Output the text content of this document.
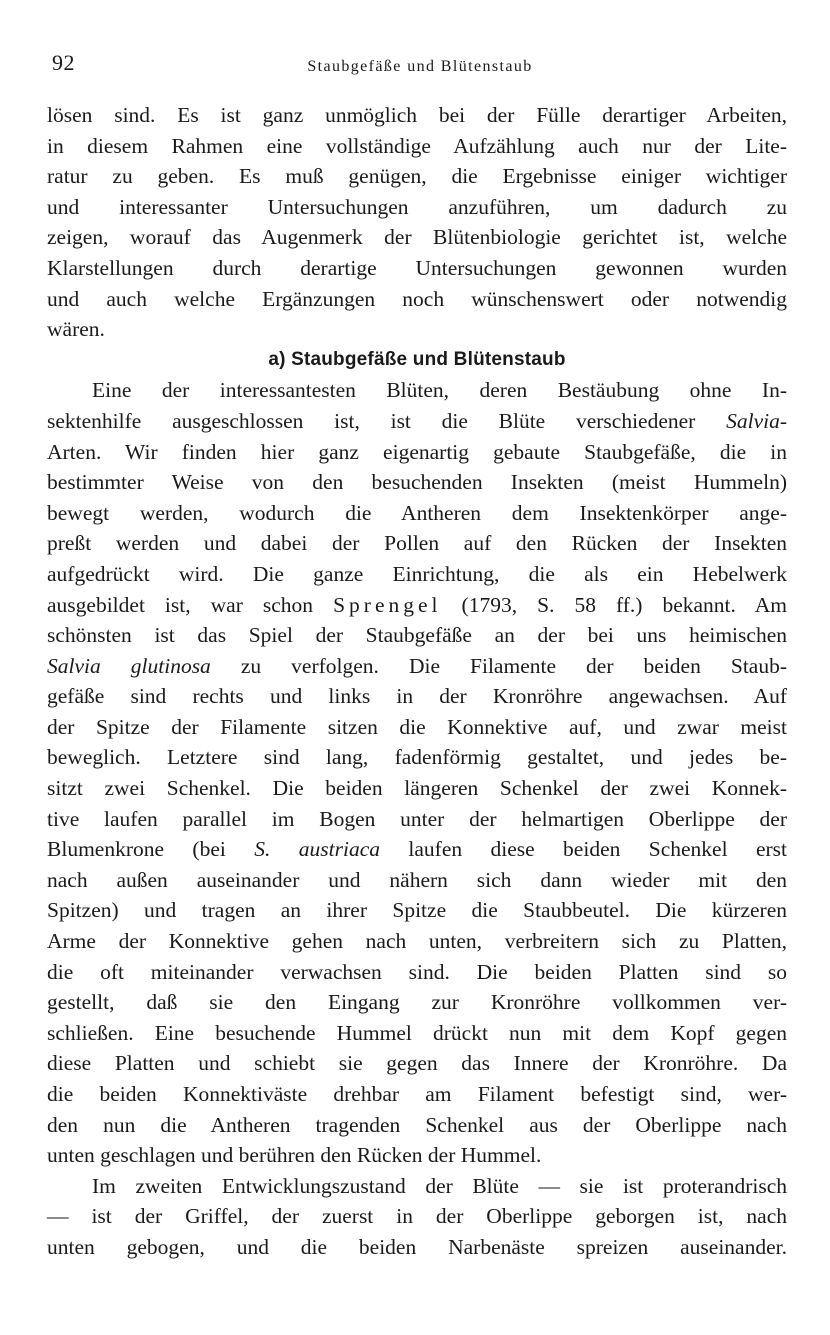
92	Staubgefäße und Blütenstaub
lösen sind. Es ist ganz unmöglich bei der Fülle derartiger Arbeiten,
in diesem Rahmen eine vollständige Aufzählung auch nur der Lite-
ratur zu geben. Es muß genügen, die Ergebnisse einiger wichtiger
und interessanter Untersuchungen anzuführen, um dadurch zu
zeigen, worauf das Augenmerk der Blütenbiologie gerichtet ist, welche
Klarstellungen durch derartige Untersuchungen gewonnen wurden
und auch welche Ergänzungen noch wünschenswert oder notwendig
wären.
a) Staubgefäße und Blütenstaub
Eine der interessantesten Blüten, deren Bestäubung ohne In-
sektenhilfe ausgeschlossen ist, ist die Blüte verschiedener Salvia-
Arten. Wir finden hier ganz eigenartig gebaute Staubgefäße, die in
bestimmter Weise von den besuchenden Insekten (meist Hummeln)
bewegt werden, wodurch die Antheren dem Insektenkörper ange-
preßt werden und dabei der Pollen auf den Rücken der Insekten
aufgedrückt wird. Die ganze Einrichtung, die als ein Hebelwerk
ausgebildet ist, war schon Sprengel (1793, S. 58 ff.) bekannt. Am
schönsten ist das Spiel der Staubgefäße an der bei uns heimischen
Salvia glutinosa zu verfolgen. Die Filamente der beiden Staub-
gefäße sind rechts und links in der Kronröhre angewachsen. Auf
der Spitze der Filamente sitzen die Konnektive auf, und zwar meist
beweglich. Letztere sind lang, fadenförmig gestaltet, und jedes be-
sitzt zwei Schenkel. Die beiden längeren Schenkel der zwei Konnek-
tive laufen parallel im Bogen unter der helmartigen Oberlippe der
Blumenkrone (bei S. austriaca laufen diese beiden Schenkel erst
nach außen auseinander und nähern sich dann wieder mit den
Spitzen) und tragen an ihrer Spitze die Staubbeutel. Die kürzeren
Arme der Konnektive gehen nach unten, verbreitern sich zu Platten,
die oft miteinander verwachsen sind. Die beiden Platten sind so
gestellt, daß sie den Eingang zur Kronröhre vollkommen ver-
schließen. Eine besuchende Hummel drückt nun mit dem Kopf gegen
diese Platten und schiebt sie gegen das Innere der Kronröhre. Da
die beiden Konnektiväste drehbar am Filament befestigt sind, wer-
den nun die Antheren tragenden Schenkel aus der Oberlippe nach
unten geschlagen und berühren den Rücken der Hummel.
Im zweiten Entwicklungszustand der Blüte — sie ist proterandrisch
— ist der Griffel, der zuerst in der Oberlippe geborgen ist, nach
unten gebogen, und die beiden Narbenäste spreizen auseinander.
